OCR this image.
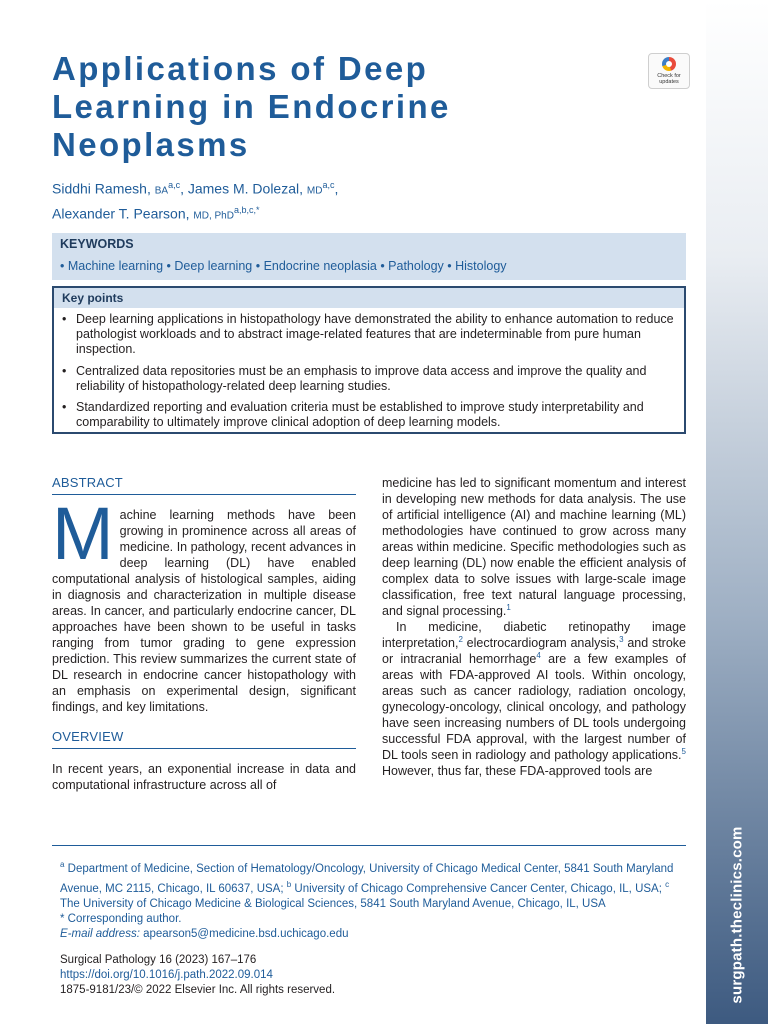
surgpath.theclinics.com
Applications of Deep Learning in Endocrine Neoplasms
Check for updates
Siddhi Ramesh, BA$^{a,c}$, James M. Dolezal, MD$^{a,c}$,
Alexander T. Pearson, MD, PhD$^{a,b,c,*}$
KEYWORDS
• Machine learning • Deep learning • Endocrine neoplasia • Pathology • Histology
Key points
• Deep learning applications in histopathology have demonstrated the ability to enhance automation to reduce pathologist workloads and to abstract image-related features that are indeterminable from pure human inspection.
• Centralized data repositories must be an emphasis to improve data access and improve the quality and reliability of histopathology-related deep learning studies.
• Standardized reporting and evaluation criteria must be established to improve study interpretability and comparability to ultimately improve clinical adoption of deep learning models.
ABSTRACT

Machine learning methods have been growing in prominence across all areas of medicine. In pathology, recent advances in deep learning (DL) have enabled computational analysis of histological samples, aiding in diagnosis and characterization in multiple disease areas. In cancer, and particularly endocrine cancer, DL approaches have been shown to be useful in tasks ranging from tumor grading to gene expression prediction. This review summarizes the current state of DL research in endocrine cancer histopathology with an emphasis on experimental design, significant findings, and key limitations.

OVERVIEW

In recent years, an exponential increase in data and computational infrastructure across all of

medicine has led to significant momentum and interest in developing new methods for data analysis. The use of artificial intelligence (AI) and machine learning (ML) methodologies have continued to grow across many areas within medicine. Specific methodologies such as deep learning (DL) now enable the efficient analysis of complex data to solve issues with large-scale image classification, free text natural language processing, and signal processing.$^1$

In medicine, diabetic retinopathy image interpretation,$^2$ electrocardiogram analysis,$^3$ and stroke or intracranial hemorrhage$^4$ are a few examples of areas with FDA-approved AI tools. Within oncology, areas such as cancer radiology, radiation oncology, gynecology-oncology, clinical oncology, and pathology have seen increasing numbers of DL tools undergoing successful FDA approval, with the largest number of DL tools seen in radiology and pathology applications.$^5$ However, thus far, these FDA-approved tools are

$^a$ Department of Medicine, Section of Hematology/Oncology, University of Chicago Medical Center, 5841 South Maryland Avenue, MC 2115, Chicago, IL 60637, USA; $^b$ University of Chicago Comprehensive Cancer Center, Chicago, IL, USA; $^c$ The University of Chicago Medicine & Biological Sciences, 5841 South Maryland Avenue, Chicago, IL, USA
* Corresponding author.
E-mail address: apearson5@medicine.bsd.uchicago.edu
Surgical Pathology 16 (2023) 167–176
https://doi.org/10.1016/j.path.2022.09.014
1875-9181/23/© 2022 Elsevier Inc. All rights reserved.
